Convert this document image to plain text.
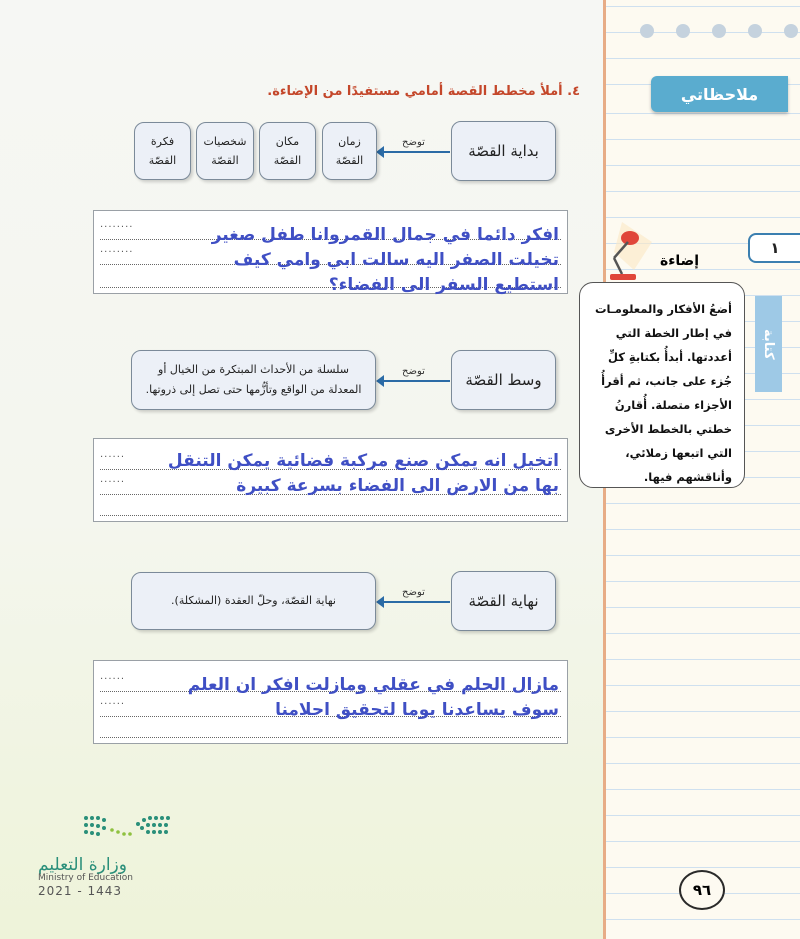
ملاحظاتي
٤. أملأ مخطط القصة أمامي مستفيدًا من الإضاءة.
بداية القصّة
توضح
زمان القصّة
مكان القصّة
شخصيات القصّة
فكرة القصّة
........
........
افكر دائما في جمال القمروانا طفل صغير تخيلت الصفر اليه سالت ابي وامي كيف استطيع السفر الى الفضاء؟
وسط القصّة
توضح
سلسلة من الأحداث المبتكرة من الخيال أو المعدلة من الواقع وتأزُّمها حتى تصل إلى ذروتها.
......
......
اتخيل انه يمكن صنع مركبة فضائية يمكن التنقل بها من الارض الى الفضاء بسرعة كبيرة
نهاية القصّة
توضح
نهاية القصّة، وحلّ العقدة (المشكلة).
......
......
مازال الحلم في عقلي ومازلت افكر ان العلم سوف يساعدنا يوما لتحقيق احلامنا
١
إضاءة
أضعُ الأفكار والمعلومـات في إطار الخطة التي أعددتها. أبدأُ بكتابةِ كلِّ جُزء على جانب، ثم أقرأُ الأجزاء متصلة. أُقارنُ خطتي بالخطط الأخرى التي اتبعها زملائي، وأناقشهم فيها.
كتابة
وزارة التعليم
Ministry of Education
2021 - 1443	٩٦
